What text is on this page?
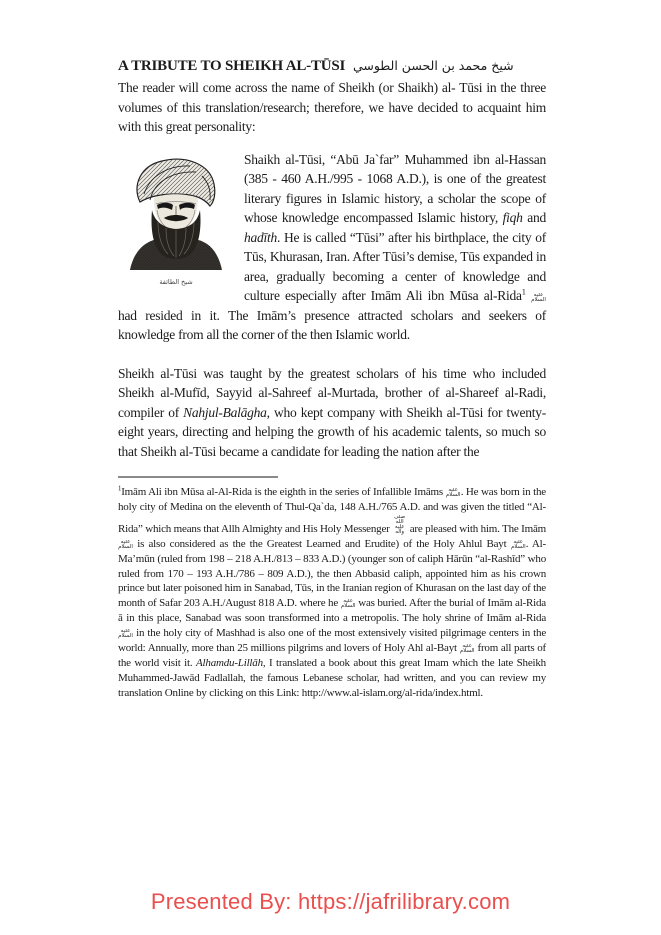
A TRIBUTE TO SHEIKH AL-TŪSI شيخ محمد بن الحسن الطوسي

The reader will come across the name of Sheikh (or Shaikh) al- Tūsi in the three volumes of this translation/research; therefore, we have decided to acquaint him with this great personality:

شيخ الطائفة
Shaikh al-Tūsi, “Abū Ja`far” Muhammed ibn al-Hassan (385 - 460 A.H./995 - 1068 A.D.), is one of the greatest literary figures in Islamic history, a scholar the scope of whose knowledge encompassed Islamic history, fiqh and hadīth. He is called “Tūsi” after his birthplace, the city of Tūs, Khurasan, Iran. After Tūsi’s demise, Tūs expanded in area, gradually becoming a center of knowledge and culture especially after Imām Ali ibn Mūsa al-Rida$^1$ عليه السلام had resided in it. The Imām’s presence attracted scholars and seekers of knowledge from all the corner of the then Islamic world.

Sheikh al-Tūsi was taught by the greatest scholars of his time who included Sheikh al-Mufīd, Sayyid al-Sahreef al-Murtada, brother of al-Shareef al-Radi, compiler of Nahjul-Balāgha, who kept company with Sheikh al-Tūsi for twenty-eight years, directing and helping the growth of his academic talents, so much so that Sheikh al-Tūsi became a candidate for leading the nation after the

$^1$Imām Ali ibn Mūsa al-Al-Rida is the eighth in the series of Infallible Imāms عليه السلام. He was born in the holy city of Medina on the eleventh of Thul-Qa`da, 148 A.H./765 A.D. and was given the titled “Al-Rida” which means that Allh Almighty and His Holy Messenger صلى الله عليه وآله are pleased with him. The Imām عليه السلام is also considered as the the Greatest Learned and Erudite) of the Holy Ahlul Bayt عليه السلام. Al-Ma’mūn (ruled from 198 – 218 A.H./813 – 833 A.D.) (younger son of caliph Hārūn “al-Rashīd” who ruled from 170 – 193 A.H./786 – 809 A.D.), the then Abbasid caliph, appointed him as his crown prince but later poisoned him in Sanabad, Tūs, in the Iranian region of Khurasan on the last day of the month of Safar 203 A.H./August 818 A.D. where he عليه السلام was buried. After the burial of Imām al-Rida ā in this place, Sanabad was soon transformed into a metropolis. The holy shrine of Imām al-Rida عليه السلام in the holy city of Mashhad is also one of the most extensively visited pilgrimage centers in the world: Annually, more than 25 millions pilgrims and lovers of Holy Ahl al-Bayt عليه السلام from all parts of the world visit it. Alhamdu-Lillāh, I translated a book about this great Imam which the late Sheikh Muhammed-Jawād Fadlallah, the famous Lebanese scholar, had written, and you can review my translation Online by clicking on this Link: http://www.al-islam.org/al-rida/index.html.

Presented By: https://jafrilibrary.com
